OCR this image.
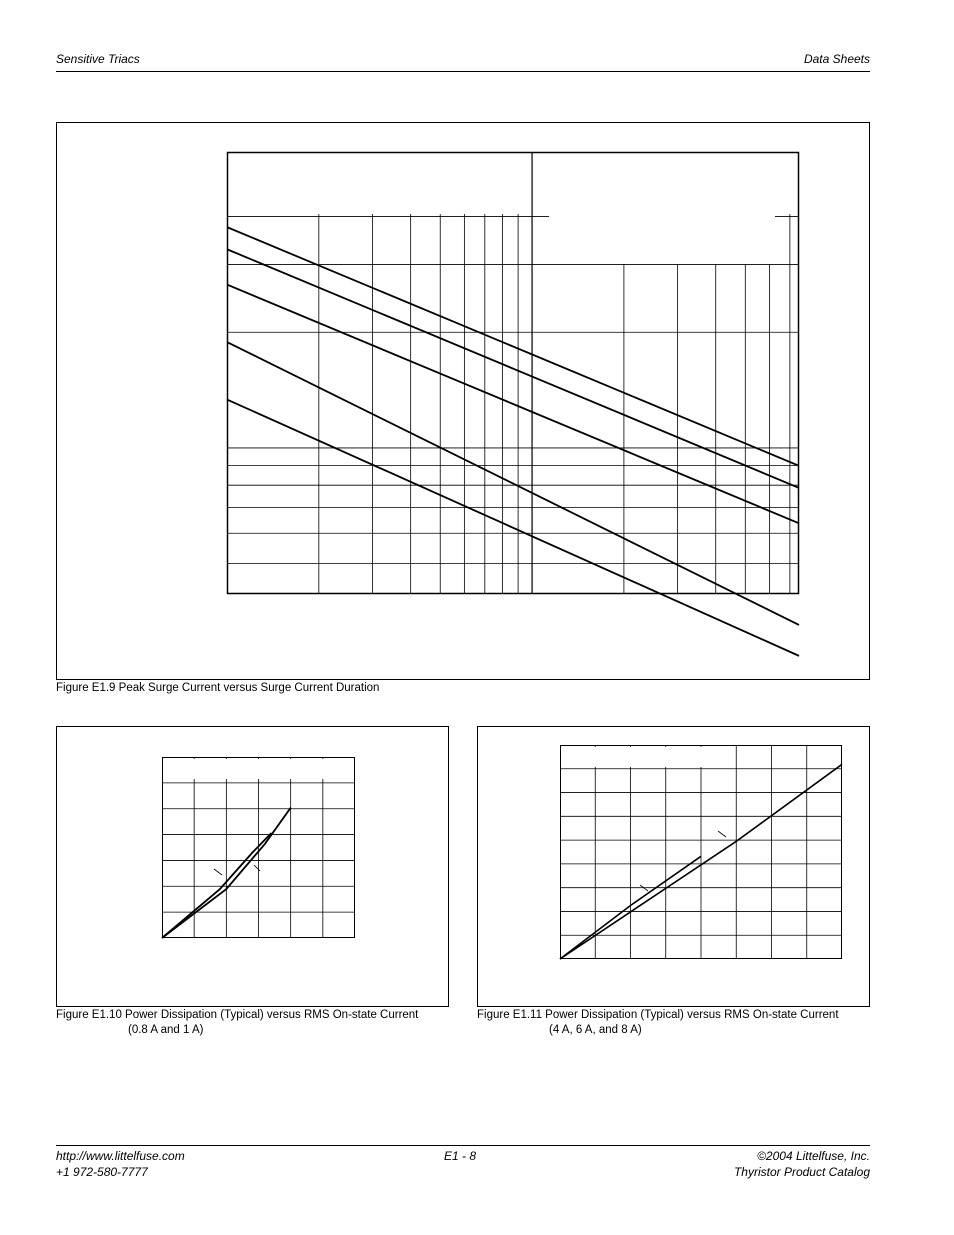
Sensitive Triacs	Data Sheets
Figure E1.9 Peak Surge Current versus Surge Current Duration
Figure E1.10 Power Dissipation (Typical) versus RMS On-state Current
(0.8 A and 1 A)
Figure E1.11 Power Dissipation (Typical) versus RMS On-state Current
(4 A, 6 A, and 8 A)
http://www.littelfuse.com
+1 972-580-7777
E1 - 8	©2004 Littelfuse, Inc.
Thyristor Product Catalog
